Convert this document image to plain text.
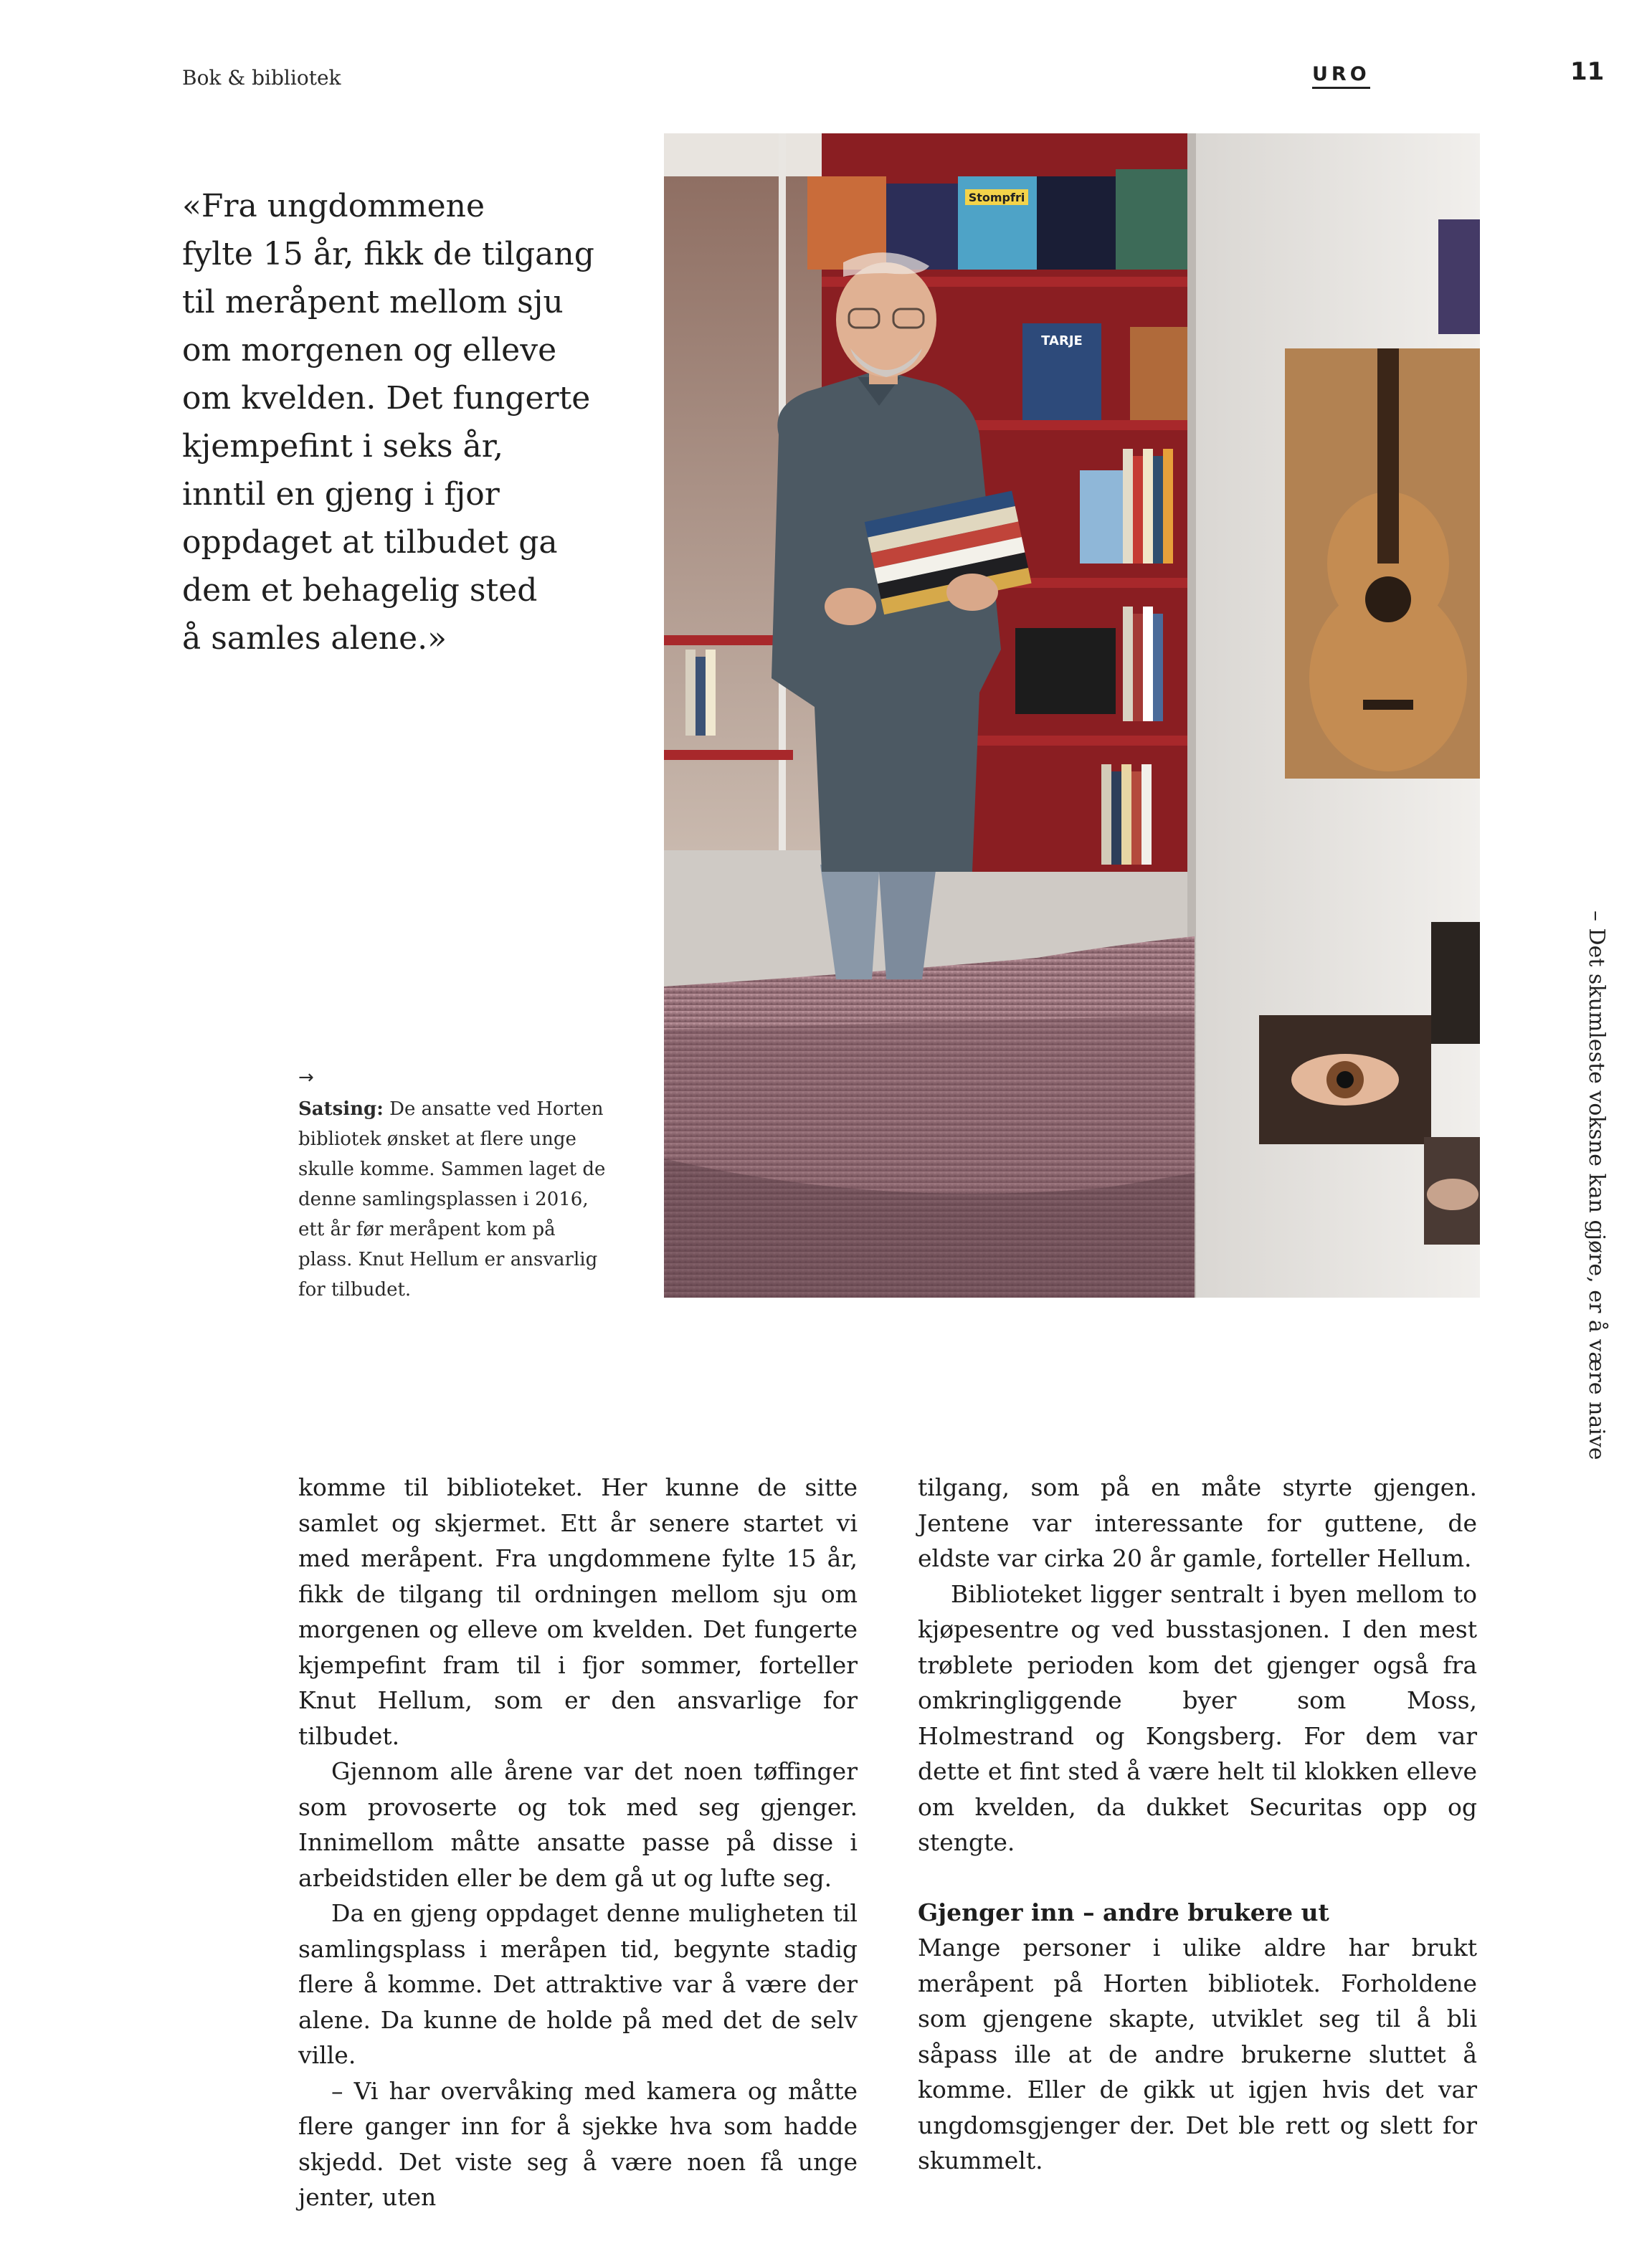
Bok & bibliotek	URO	11

«Fra ungdommene

fylte 15 år, fikk de tilgang

til meråpent mellom sju

om morgenen og elleve

om kvelden. Det fungerte

kjempefint i seks år,

inntil en gjeng i fjor

oppdaget at tilbudet ga

dem et behagelig sted

å samles alene.»

→
Satsing: De ansatte ved Horten bibliotek ønsket at flere unge skulle komme. Sammen laget de denne samlingsplassen i 2016, ett år før meråpent kom på plass. Knut Hellum er ansvarlig for tilbudet.
Stompfri
TARJE
– Det skumleste voksne kan gjøre, er å være naive

komme til biblioteket. Her kunne de sitte samlet og skjermet. Ett år senere startet vi med meråpent. Fra ungdommene fylte 15 år, fikk de tilgang til ordningen mellom sju om morgenen og elleve om kvelden. Det fungerte kjempefint fram til i fjor sommer, forteller Knut Hellum, som er den ansvarlige for tilbudet.

Gjennom alle årene var det noen tøffinger som provoserte og tok med seg gjenger. Innimellom måtte ansatte passe på disse i arbeidstiden eller be dem gå ut og lufte seg.

Da en gjeng oppdaget denne muligheten til samlingsplass i meråpen tid, begynte stadig flere å komme. Det attraktive var å være der alene. Da kunne de holde på med det de selv ville.

– Vi har overvåking med kamera og måtte flere ganger inn for å sjekke hva som hadde skjedd. Det viste seg å være noen få unge jenter, uten

tilgang, som på en måte styrte gjengen. Jentene var interessante for guttene, de eldste var cirka 20 år gamle, forteller Hellum.

Biblioteket ligger sentralt i byen mellom to kjøpesentre og ved busstasjonen. I den mest trøblete perioden kom det gjenger også fra omkringliggende byer som Moss, Holmestrand og Kongsberg. For dem var dette et fint sted å være helt til klokken elleve om kvelden, da dukket Securitas opp og stengte.

Gjenger inn – andre brukere ut

Mange personer i ulike aldre har brukt meråpent på Horten bibliotek. Forholdene som gjengene skapte, utviklet seg til å bli såpass ille at de andre brukerne sluttet å komme. Eller de gikk ut igjen hvis det var ungdomsgjenger der. Det ble rett og slett for skummelt.
